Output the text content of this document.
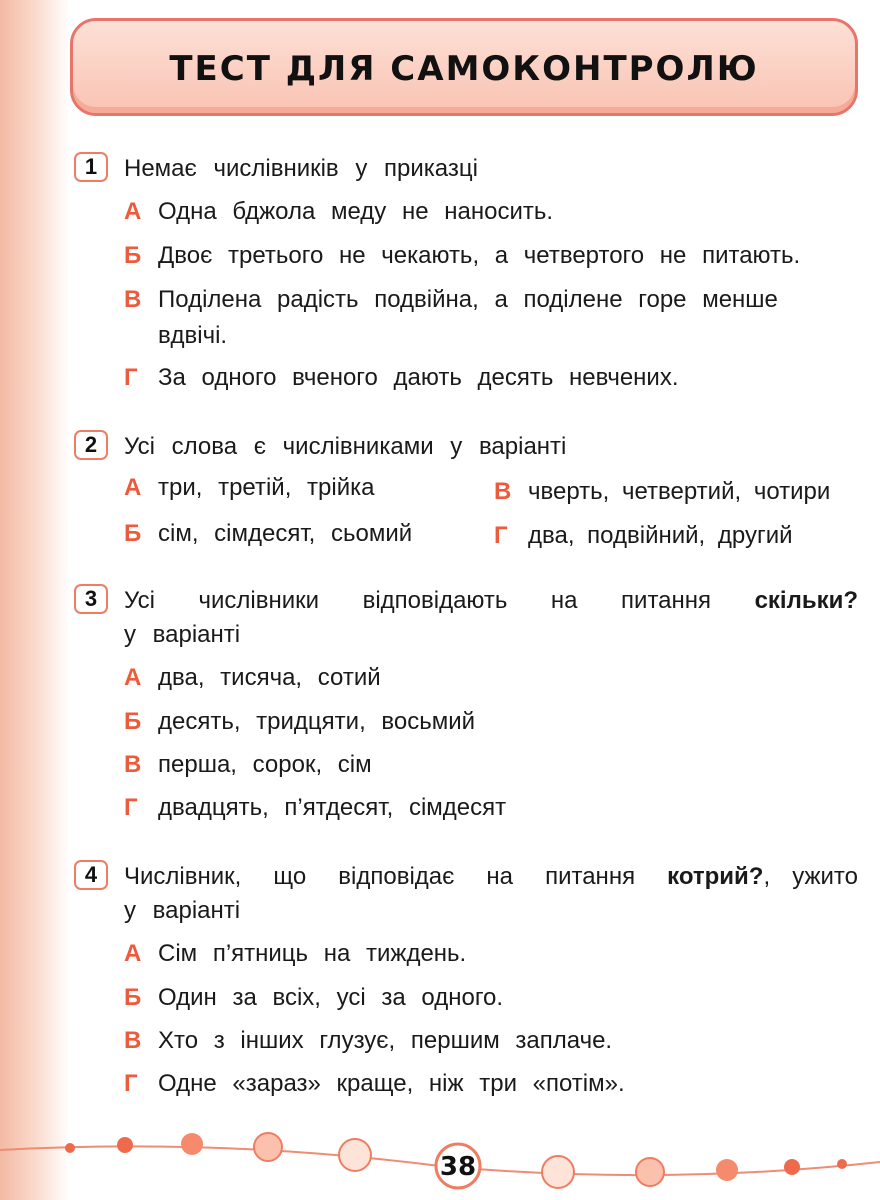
ТЕСТ ДЛЯ САМОКОНТРОЛЮ
1	Немає числівників у приказці
А Одна бджола меду не наносить.
Б Двоє третього не чекають, а четвертого не питають.
В Поділена радість подвійна, а поділене горе менше
вдвічі.
Г За одного вченого дають десять невчених.
2	Усі слова є числівниками у варіанті
А три, третій, трійка
Б сім, сімдесят, сьомий
В чверть, четвертий, чотири
Г два, подвійний, другий
3	Усі числівники відповідають на питання скільки?
у варіанті
А два, тисяча, сотий
Б десять, тридцяти, восьмий
В перша, сорок, сім
Г двадцять, п’ятдесят, сімдесят
4	Числівник, що відповідає на питання котрий?, ужито
у варіанті
А Сім п’ятниць на тиждень.
Б Один за всіх, усі за одного.
В Хто з інших глузує, першим заплаче.
Г Одне «зараз» краще, ніж три «потім».
38
